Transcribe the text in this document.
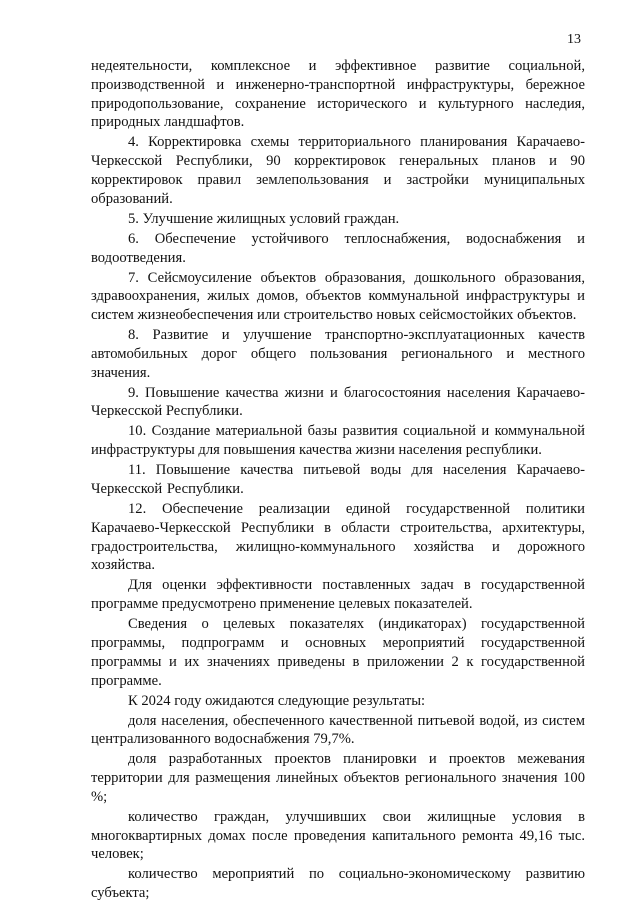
13

недеятельности, комплексное и эффективное развитие социальной, производственной и инженерно-транспортной инфраструктуры, бережное природопользование, сохранение исторического и культурного наследия, природных ландшафтов.

4. Корректировка схемы территориального планирования Карачаево-Черкесской Республики, 90 корректировок генеральных планов и 90 корректировок правил землепользования и застройки муниципальных образований.

5. Улучшение жилищных условий граждан.

6. Обеспечение устойчивого теплоснабжения, водоснабжения и водоотведения.

7. Сейсмоусиление объектов образования, дошкольного образования, здравоохранения, жилых домов, объектов коммунальной инфраструктуры и систем жизнеобеспечения или строительство новых сейсмостойких объектов.

8. Развитие и улучшение транспортно-эксплуатационных качеств автомобильных дорог общего пользования регионального и местного значения.

9. Повышение качества жизни и благосостояния населения Карачаево-Черкесской Республики.

10. Создание материальной базы развития социальной и коммунальной инфраструктуры для повышения качества жизни населения республики.

11. Повышение качества питьевой воды для населения Карачаево-Черкесской Республики.

12. Обеспечение реализации единой государственной политики Карачаево-Черкесской Республики в области строительства, архитектуры, градостроительства, жилищно-коммунального хозяйства и дорожного хозяйства.

Для оценки эффективности поставленных задач в государственной программе предусмотрено применение целевых показателей.

Сведения о целевых показателях (индикаторах) государственной программы, подпрограмм и основных мероприятий государственной программы и их значениях приведены в приложении 2 к государственной программе.

К 2024 году ожидаются следующие результаты:

доля населения, обеспеченного качественной питьевой водой, из систем централизованного водоснабжения 79,7%.

доля разработанных проектов планировки и проектов межевания территории для размещения линейных объектов регионального значения 100 %;

количество граждан, улучшивших свои жилищные условия в многоквартирных домах после проведения капитального ремонта 49,16 тыс. человек;

количество мероприятий по социально-экономическому развитию субъекта;
